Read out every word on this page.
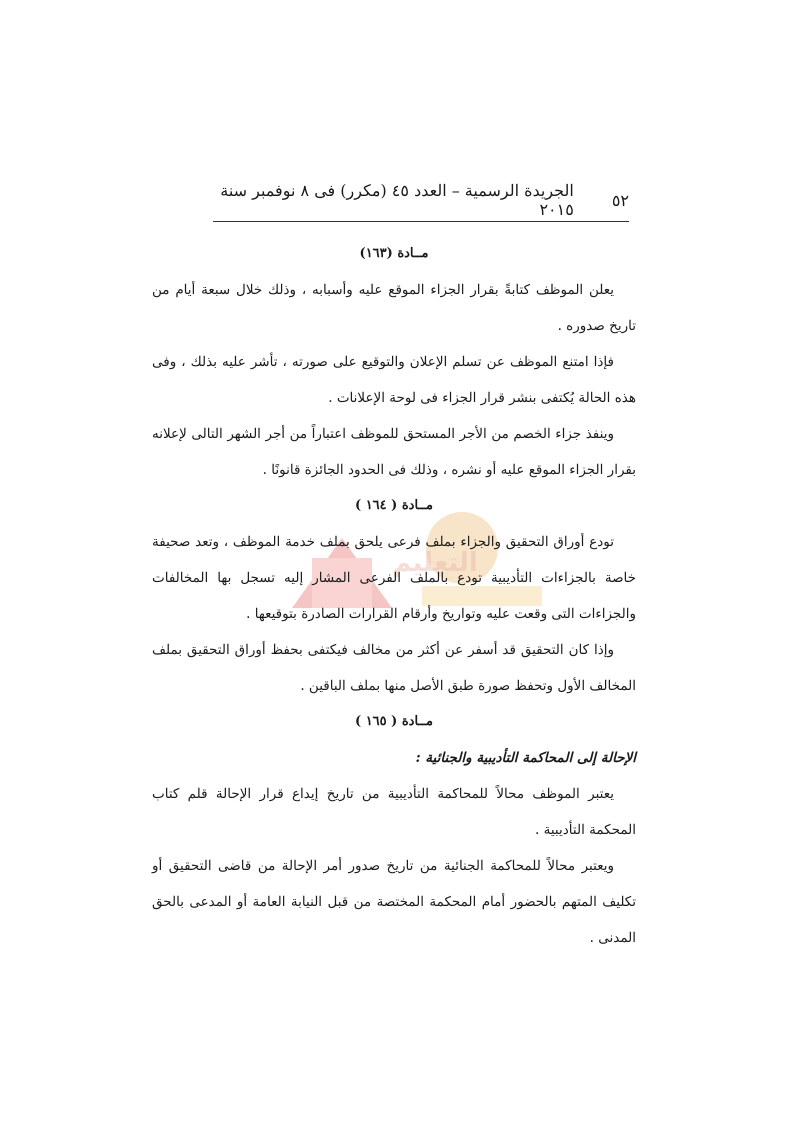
٥٢
الجريدة الرسمية – العدد ٤٥ (مكرر) فى ٨ نوفمبر سنة ٢٠١٥
التعليم

مــادة (١٦٣)

يعلن الموظف كتابةً بقرار الجزاء الموقع عليه وأسبابه ، وذلك خلال سبعة أيام من تاريخ صدوره .

فإذا امتنع الموظف عن تسلم الإعلان والتوقيع على صورته ، تأشر عليه بذلك ، وفى هذه الحالة يُكتفى بنشر قرار الجزاء فى لوحة الإعلانات .

وينفذ جزاء الخصم من الأجر المستحق للموظف اعتباراً من أجر الشهر التالى لإعلانه بقرار الجزاء الموقع عليه أو نشره ، وذلك فى الحدود الجائزة قانونًا .

مــادة ( ١٦٤ )

تودع أوراق التحقيق والجزاء بملف فرعى يلحق بملف خدمة الموظف ، وتعد صحيفة خاصة بالجزاءات التأديبية تودع بالملف الفرعى المشار إليه تسجل بها المخالفات والجزاءات التى وقعت عليه وتواريخ وأرقام القرارات الصادرة بتوقيعها .

وإذا كان التحقيق قد أسفر عن أكثر من مخالف فيكتفى بحفظ أوراق التحقيق بملف المخالف الأول وتحفظ صورة طبق الأصل منها بملف الباقين .

مــادة ( ١٦٥ )

الإحالة إلى المحاكمة التأديبية والجنائية :

يعتبر الموظف محالاً للمحاكمة التأديبية من تاريخ إيداع قرار الإحالة قلم كتاب المحكمة التأديبية .

ويعتبر محالاً للمحاكمة الجنائية من تاريخ صدور أمر الإحالة من قاضى التحقيق أو تكليف المتهم بالحضور أمام المحكمة المختصة من قبل النيابة العامة أو المدعى بالحق المدنى .
